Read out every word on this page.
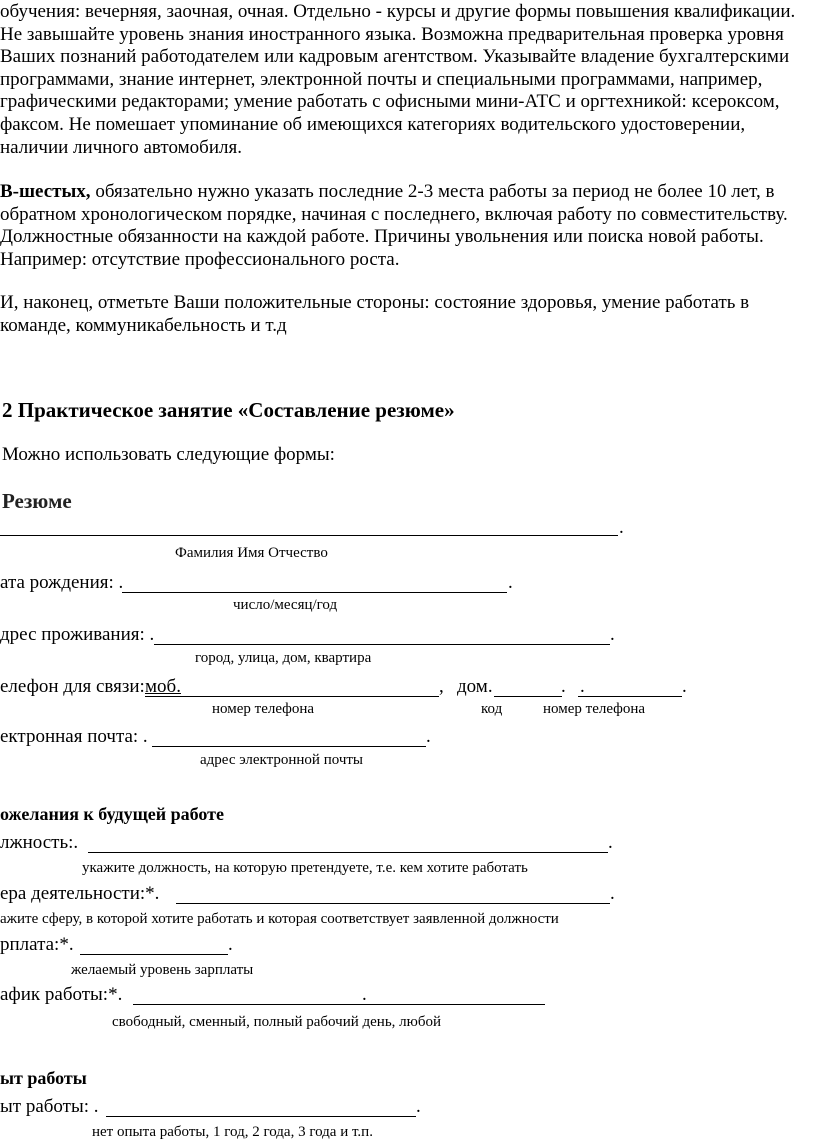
обучения: вечерняя, заочная, очная. Отдельно - курсы и другие формы повышения квалификации.
Не завышайте уровень знания иностранного языка. Возможна предварительная проверка уровня
Ваших познаний работодателем или кадровым агентством. Указывайте владение бухгалтерскими
программами, знание интернет, электронной почты и специальными программами, например,
графическими редакторами; умение работать с офисными мини-АТС и оргтехникой: ксероксом,
факсом. Не помешает упоминание об имеющихся категориях водительского удостоверении,
наличии личного автомобиля.
В-шестых, обязательно нужно указать последние 2-3 места работы за период не более 10 лет, в
обратном хронологическом порядке, начиная с последнего, включая работу по совместительству.
Должностные обязанности на каждой работе. Причины увольнения или поиска новой работы.
Например: отсутствие профессионального роста.
И, наконец, отметьте Ваши положительные стороны: состояние здоровья, умение работать в
команде, коммуникабельность и т.д
2 Практическое занятие «Составление резюме»
Можно использовать следующие формы:
Резюме
.
Фамилия Имя Отчество
ата рождения: .	.
число/месяц/год
дрес проживания: .	.
город, улица, дом, квартира
елефон для связи: моб.	, дом.	. .	.
номер телефона	код	номер телефона
ектронная почта: .	.
адрес электронной почты
ожелания к будущей работе
лжность:.	.
укажите должность, на которую претендуете, т.е. кем хотите работать
ера деятельности:*.	.
ажите сферу, в которой хотите работать и которая соответствует заявленной должности
рплата:*.	.
желаемый уровень зарплаты
афик работы:*.	.
свободный, сменный, полный рабочий день, любой
ыт работы
ыт работы: .	.
нет опыта работы, 1 год, 2 года, 3 года и т.п.
